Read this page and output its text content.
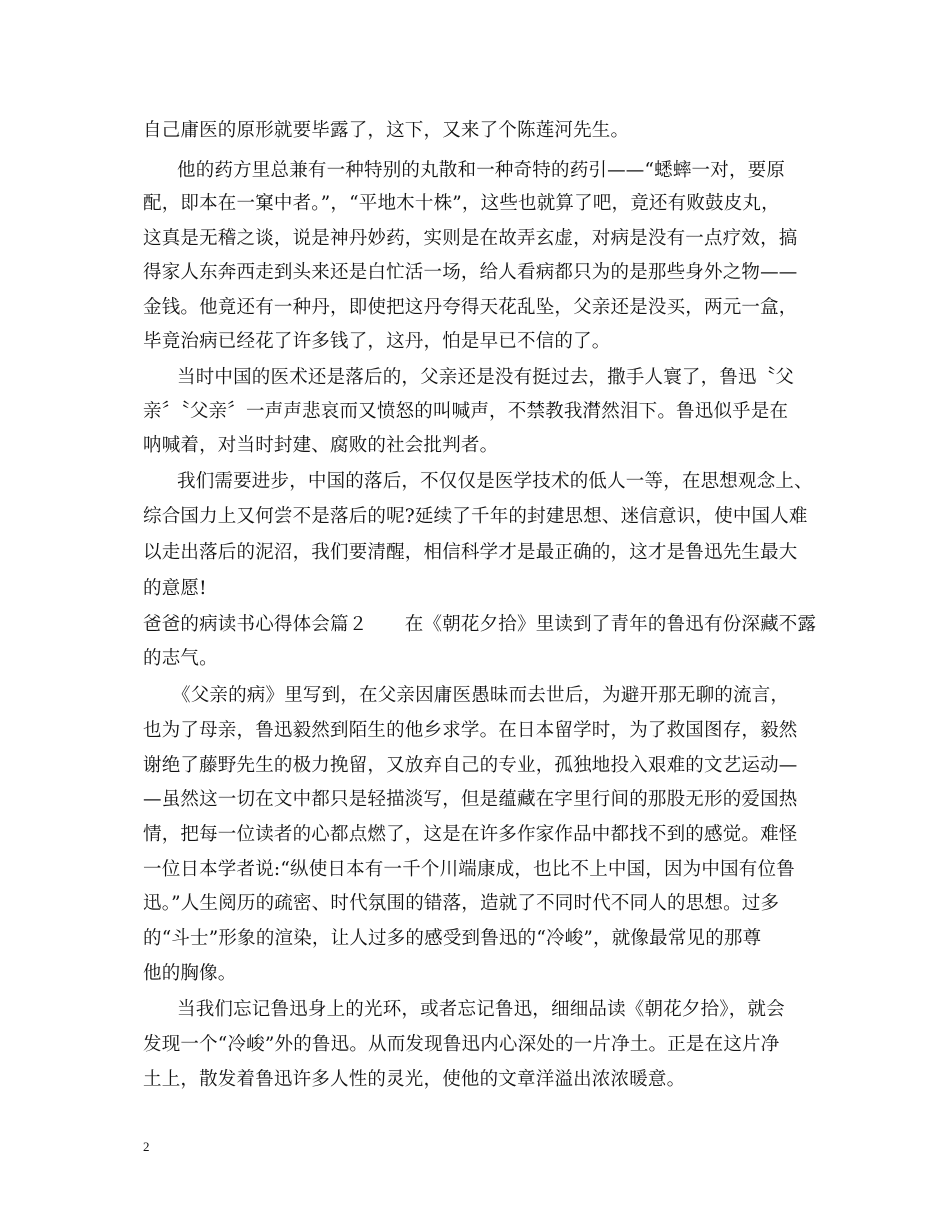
自己庸医的原形就要毕露了，这下，又来了个陈莲河先生。
他的药方里总兼有一种特别的丸散和一种奇特的药引——“蟋蟀一对，要原
配，即本在一窠中者。”，“平地木十株”，这些也就算了吧，竟还有败鼓皮丸，
这真是无稽之谈，说是神丹妙药，实则是在故弄玄虚，对病是没有一点疗效，搞
得家人东奔西走到头来还是白忙活一场，给人看病都只为的是那些身外之物——
金钱。他竟还有一种丹，即使把这丹夸得天花乱坠，父亲还是没买，两元一盒，
毕竟治病已经花了许多钱了，这丹，怕是早已不信的了。
当时中国的医术还是落后的，父亲还是没有挺过去，撒手人寰了，鲁迅〝父
亲〞〝父亲〞一声声悲哀而又愤怒的叫喊声，不禁教我潸然泪下。鲁迅似乎是在
呐喊着，对当时封建、腐败的社会批判者。
我们需要进步，中国的落后，不仅仅是医学技术的低人一等，在思想观念上、
综合国力上又何尝不是落后的呢?延续了千年的封建思想、迷信意识，使中国人难
以走出落后的泥沼，我们要清醒，相信科学才是最正确的，这才是鲁迅先生最大
的意愿!
爸爸的病读书心得体会篇２　　在《朝花夕拾》里读到了青年的鲁迅有份深藏不露
的志气。
《父亲的病》里写到，在父亲因庸医愚昧而去世后，为避开那无聊的流言，
也为了母亲，鲁迅毅然到陌生的他乡求学。在日本留学时，为了救国图存，毅然
谢绝了藤野先生的极力挽留，又放弃自己的专业，孤独地投入艰难的文艺运动—
—虽然这一切在文中都只是轻描淡写，但是蕴藏在字里行间的那股无形的爱国热
情，把每一位读者的心都点燃了，这是在许多作家作品中都找不到的感觉。难怪
一位日本学者说:“纵使日本有一千个川端康成，也比不上中国，因为中国有位鲁
迅。”人生阅历的疏密、时代氛围的错落，造就了不同时代不同人的思想。过多
的“斗士”形象的渲染，让人过多的感受到鲁迅的“冷峻”，就像最常见的那尊
他的胸像。
当我们忘记鲁迅身上的光环，或者忘记鲁迅，细细品读《朝花夕拾》，就会
发现一个“冷峻”外的鲁迅。从而发现鲁迅内心深处的一片净土。正是在这片净
土上，散发着鲁迅许多人性的灵光，使他的文章洋溢出浓浓暖意。
2
